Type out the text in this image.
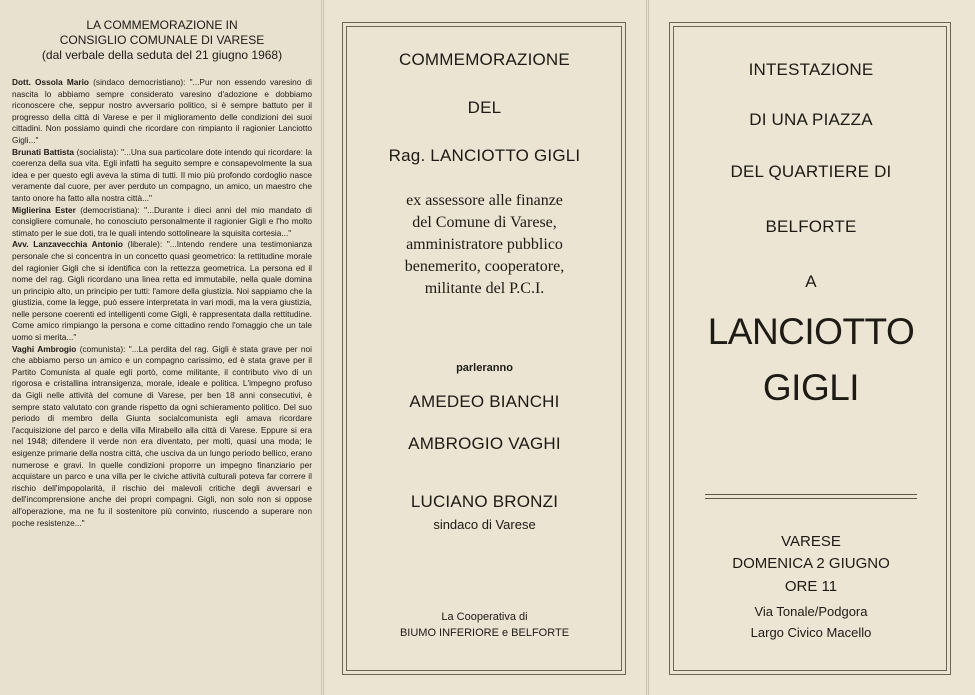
LA COMMEMORAZIONE IN CONSIGLIO COMUNALE DI VARESE
(dal verbale della seduta del 21 giugno 1968)

Dott. Ossola Mario (sindaco democristiano): "...Pur non essendo varesino di nascita lo abbiamo sempre considerato varesino d'adozione e dobbiamo riconoscere che, seppur nostro avversario politico, si è sempre battuto per il progresso della città di Varese e per il miglioramento delle condizioni dei suoi cittadini. Non possiamo quindi che ricordare con rimpianto il ragionier Lanciotto Gigli..."

Brunati Battista (socialista): "...Una sua particolare dote intendo qui ricordare: la coerenza della sua vita. Egli infatti ha seguito sempre e consapevolmente la sua idea e per questo egli aveva la stima di tutti. Il mio più profondo cordoglio nasce veramente dal cuore, per aver perduto un compagno, un amico, un maestro che tanto onore ha fatto alla nostra città..."

Miglierina Ester (democristiana): "...Durante i dieci anni del mio mandato di consigliere comunale, ho conosciuto personalmente il ragionier Gigli e l'ho molto stimato per le sue doti, tra le quali intendo sottolineare la squisita cortesia..."

Avv. Lanzavecchia Antonio (liberale): "...Intendo rendere una testimonianza personale che si concentra in un concetto quasi geometrico: la rettitudine morale del ragionier Gigli che si identifica con la rettezza geometrica. La persona ed il nome del rag. Gigli ricordano una linea retta ed immutabile, nella quale domina un principio alto, un principio per tutti: l'amore della giustizia. Noi sappiamo che la giustizia, come la legge, può essere interpretata in vari modi, ma la vera giustizia, nelle persone coerenti ed intelligenti come Gigli, è rappresentata dalla rettitudine. Come amico rimpiango la persona e come cittadino rendo l'omaggio che un tale uomo si merita..."

Vaghi Ambrogio (comunista): "...La perdita del rag. Gigli è stata grave per noi che abbiamo perso un amico e un compagno carissimo, ed è stata grave per il Partito Comunista al quale egli portò, come militante, il contributo vivo di un rigorosa e cristallina intransigenza, morale, ideale e politica. L'impegno profuso da Gigli nelle attività del comune di Varese, per ben 18 anni consecutivi, è sempre stato valutato con grande rispetto da ogni schieramento politico. Del suo periodo di membro della Giunta socialcomunista egli amava ricordare l'acquisizione del parco e della villa Mirabello alla città di Varese. Eppure si era nel 1948; difendere il verde non era diventato, per molti, quasi una moda; le esigenze primarie della nostra città, che usciva da un lungo periodo bellico, erano numerose e gravi. In quelle condizioni proporre un impegno finanziario per acquistare un parco e una villa per le civiche attività culturali poteva far correre il rischio dell'impopolarità, il rischio dei malevoli critiche degli avversari e dell'incomprensione anche dei propri compagni. Gigli, non solo non si oppose all'operazione, ma ne fu il sostenitore più convinto, riuscendo a superare non poche resistenze..."

COMMEMORAZIONE
DEL
Rag. LANCIOTTO GIGLI
ex assessore alle finanze
del Comune di Varese,
amministratore pubblico
benemerito, cooperatore,
militante del P.C.I.
parleranno
AMEDEO BIANCHI
AMBROGIO VAGHI
LUCIANO BRONZI
sindaco di Varese
La Cooperativa di
BIUMO INFERIORE e BELFORTE
INTESTAZIONE
DI UNA PIAZZA
DEL QUARTIERE DI
BELFORTE
A
LANCIOTTO
GIGLI
VARESE
DOMENICA 2 GIUGNO
ORE 11
Via Tonale/Podgora
Largo Civico Macello
